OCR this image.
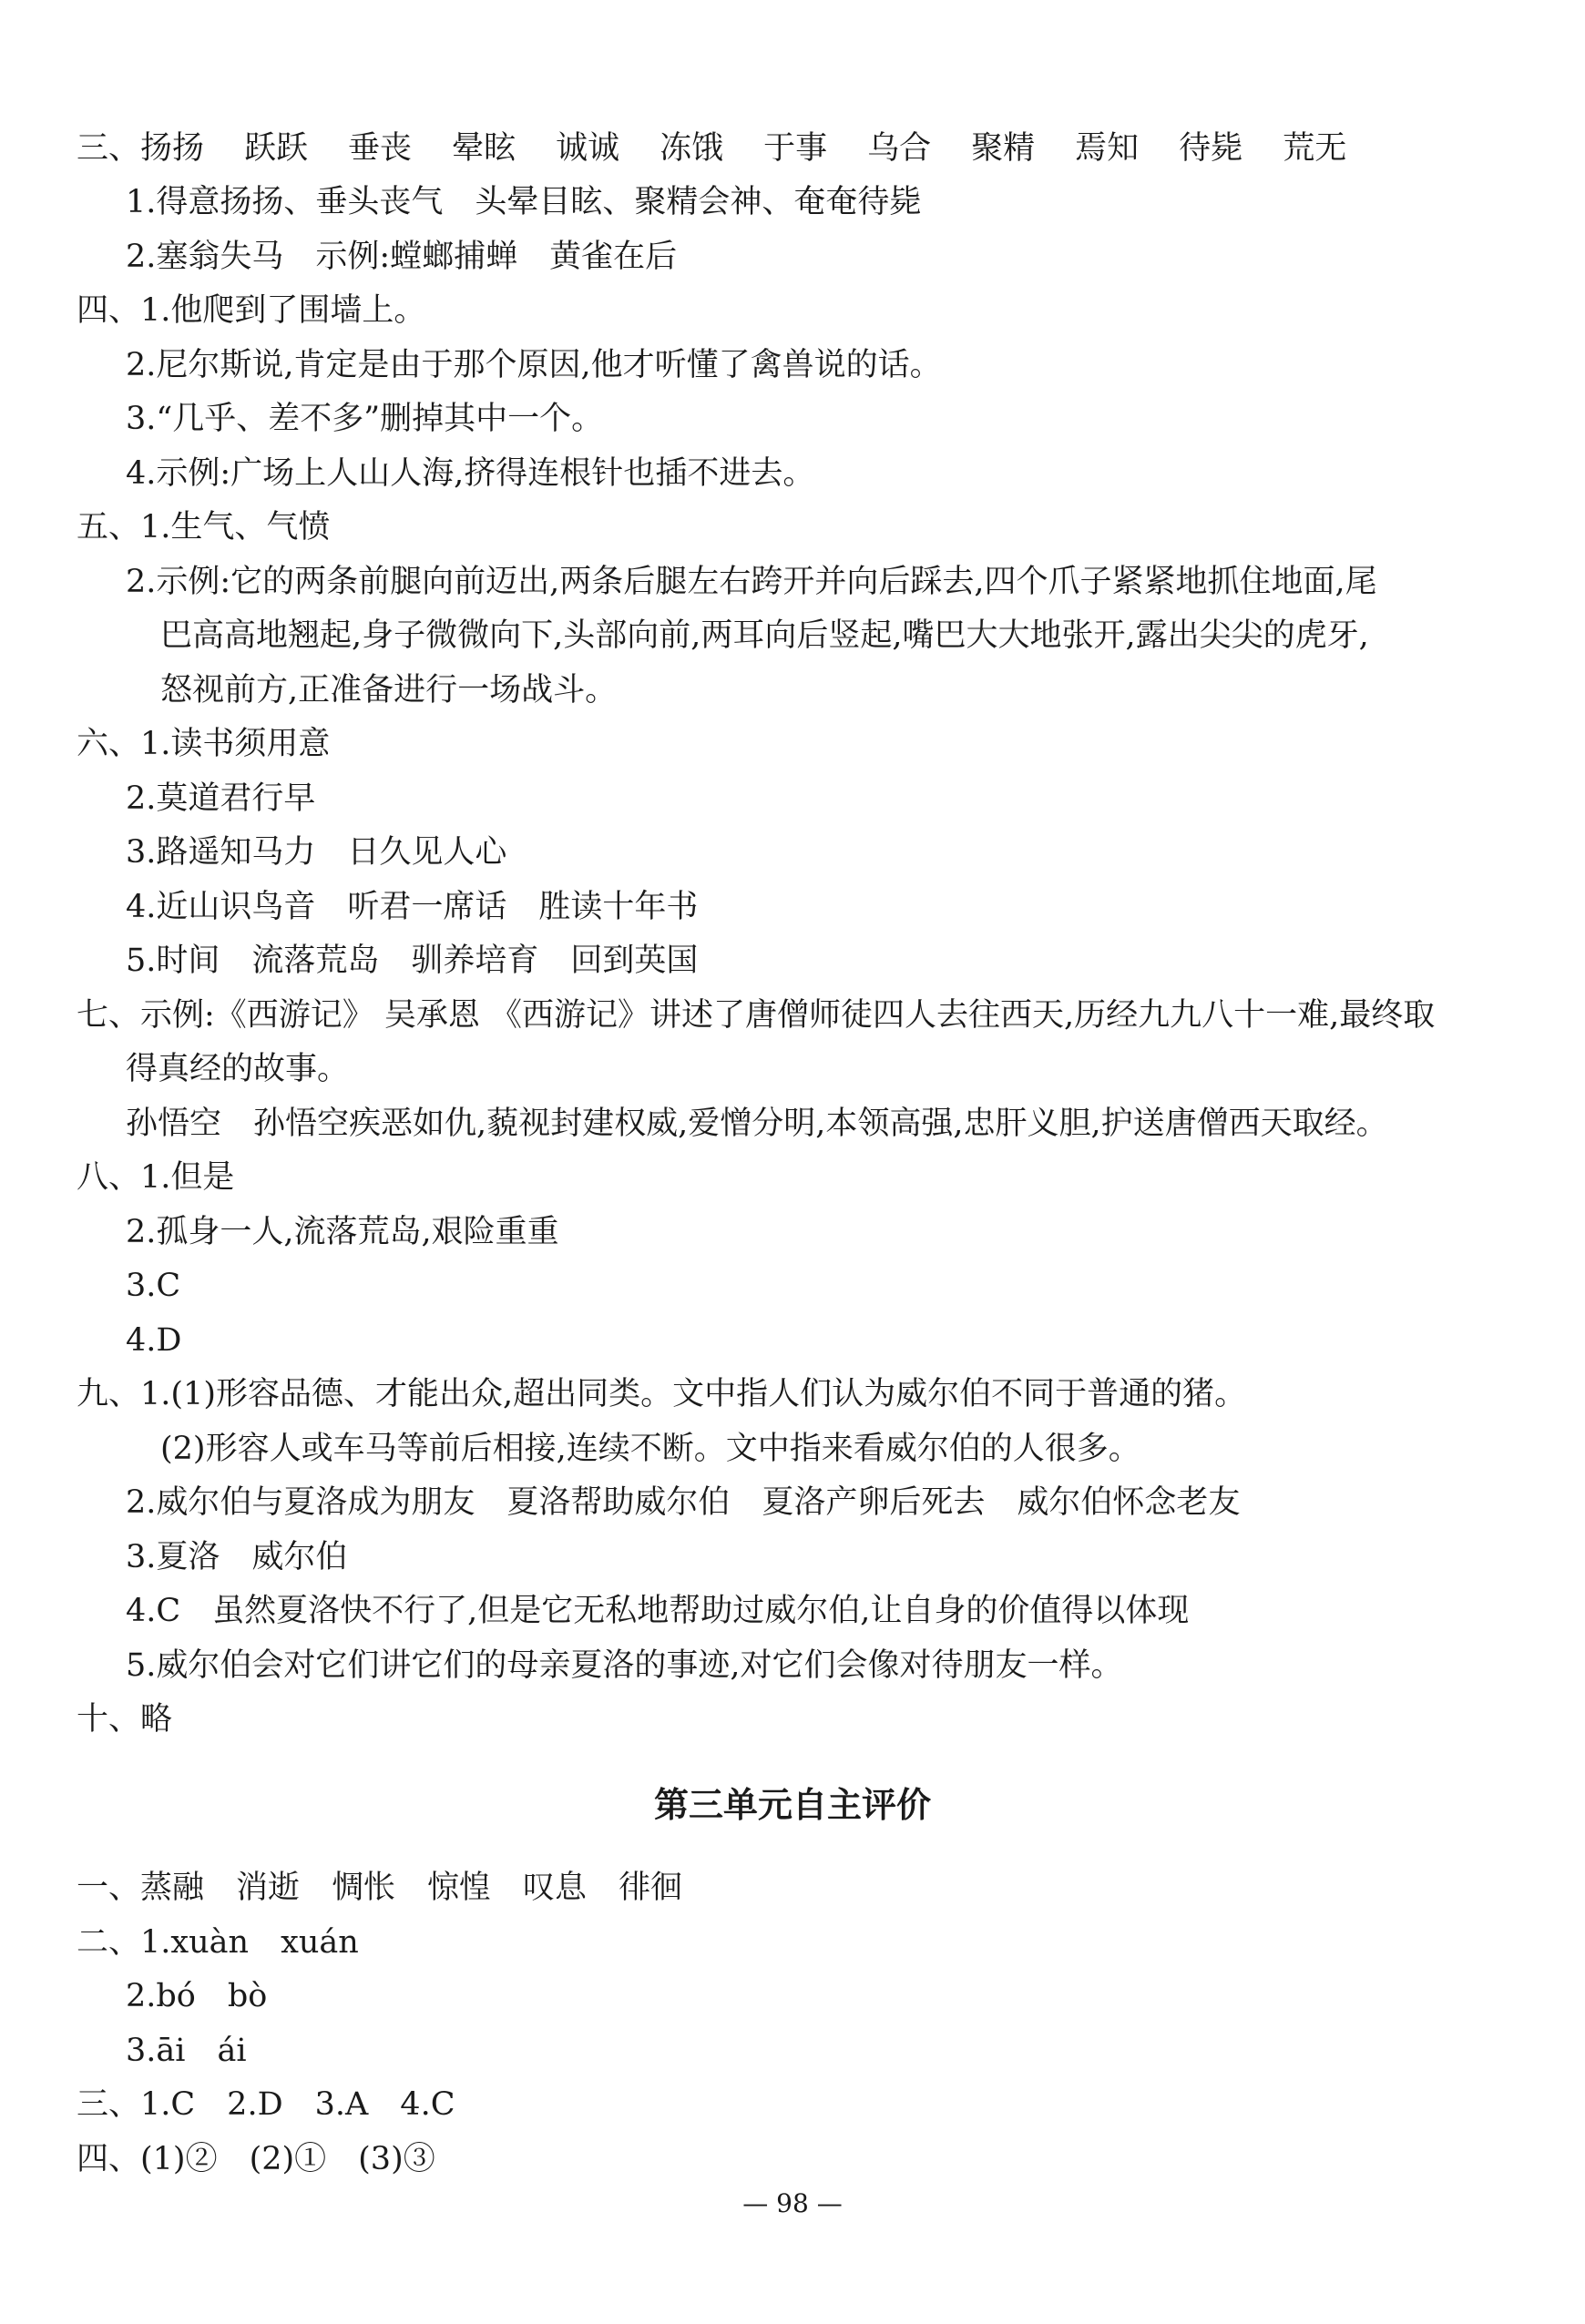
三、扬扬 跃跃 垂丧 晕眩 诚诚 冻饿 于事 乌合 聚精 焉知 待毙 荒无
1.得意扬扬、垂头丧气　头晕目眩、聚精会神、奄奄待毙
2.塞翁失马　示例:螳螂捕蝉　黄雀在后
四、1.他爬到了围墙上。
2.尼尔斯说,肯定是由于那个原因,他才听懂了禽兽说的话。
3.“几乎、差不多”删掉其中一个。
4.示例:广场上人山人海,挤得连根针也插不进去。
五、1.生气、气愤
2.示例:它的两条前腿向前迈出,两条后腿左右跨开并向后踩去,四个爪子紧紧地抓住地面,尾
巴高高地翘起,身子微微向下,头部向前,两耳向后竖起,嘴巴大大地张开,露出尖尖的虎牙,
怒视前方,正准备进行一场战斗。
六、1.读书须用意
2.莫道君行早
3.路遥知马力　日久见人心
4.近山识鸟音　听君一席话　胜读十年书
5.时间　流落荒岛　驯养培育　回到英国
七、示例:《西游记》 吴承恩 《西游记》讲述了唐僧师徒四人去往西天,历经九九八十一难,最终取
得真经的故事。
孙悟空　孙悟空疾恶如仇,藐视封建权威,爱憎分明,本领高强,忠肝义胆,护送唐僧西天取经。
八、1.但是
2.孤身一人,流落荒岛,艰险重重
3.C
4.D
九、1.(1)形容品德、才能出众,超出同类。文中指人们认为威尔伯不同于普通的猪。
(2)形容人或车马等前后相接,连续不断。文中指来看威尔伯的人很多。
2.威尔伯与夏洛成为朋友　夏洛帮助威尔伯　夏洛产卵后死去　威尔伯怀念老友
3.夏洛　威尔伯
4.C　虽然夏洛快不行了,但是它无私地帮助过威尔伯,让自身的价值得以体现
5.威尔伯会对它们讲它们的母亲夏洛的事迹,对它们会像对待朋友一样。
十、略
第三单元自主评价
一、蒸融　消逝　惆怅　惊惶　叹息　徘徊
二、1.xuàn　xuán
2.bó　bò
3.āi　ái
三、1.C　2.D　3.A　4.C
四、(1)②　(2)①　(3)③
— 98 —
